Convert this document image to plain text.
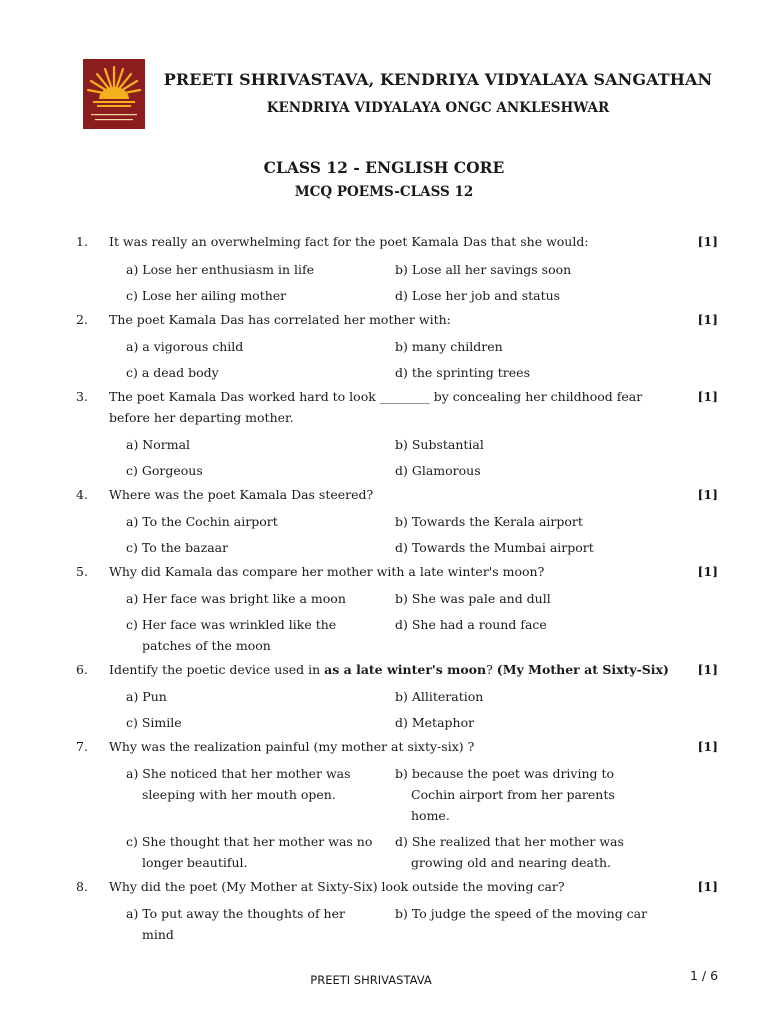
PREETI SHRIVASTAVA, KENDRIYA VIDYALAYA SANGATHAN
KENDRIYA VIDYALAYA ONGC ANKLESHWAR
CLASS 12 - ENGLISH CORE
MCQ POEMS-CLASS 12
1. It was really an overwhelming fact for the poet Kamala Das that she would:	[1]
a) Lose her enthusiasm in life	b) Lose all her savings soon
c) Lose her ailing mother	d) Lose her job and status
2. The poet Kamala Das has correlated her mother with:	[1]
a) a vigorous child	b) many children
c) a dead body	d) the sprinting trees
3. The poet Kamala Das worked hard to look ________ by concealing her childhood fear before her departing mother.
[1]
a) Normal	b) Substantial
c) Gorgeous	d) Glamorous
4. Where was the poet Kamala Das steered?	[1]
a) To the Cochin airport	b) Towards the Kerala airport
c) To the bazaar	d) Towards the Mumbai airport
5. Why did Kamala das compare her mother with a late winter's moon?	[1]
a) Her face was bright like a moon	b) She was pale and dull
c) Her face was wrinkled like the patches of the moon
d) She had a round face
6. Identify the poetic device used in as a late winter's moon? (My Mother at Sixty-Six)	[1]
a) Pun	b) Alliteration
c) Simile	d) Metaphor
7. Why was the realization painful (my mother at sixty-six) ?	[1]
a) She noticed that her mother was sleeping with her mouth open.
b) because the poet was driving to Cochin airport from her parents home.
c) She thought that her mother was no longer beautiful.
d) She realized that her mother was growing old and nearing death.
8. Why did the poet (My Mother at Sixty-Six) look outside the moving car?	[1]
a) To put away the thoughts of her mind
b) To judge the speed of the moving car
PREETI SHRIVASTAVA	1 / 6
